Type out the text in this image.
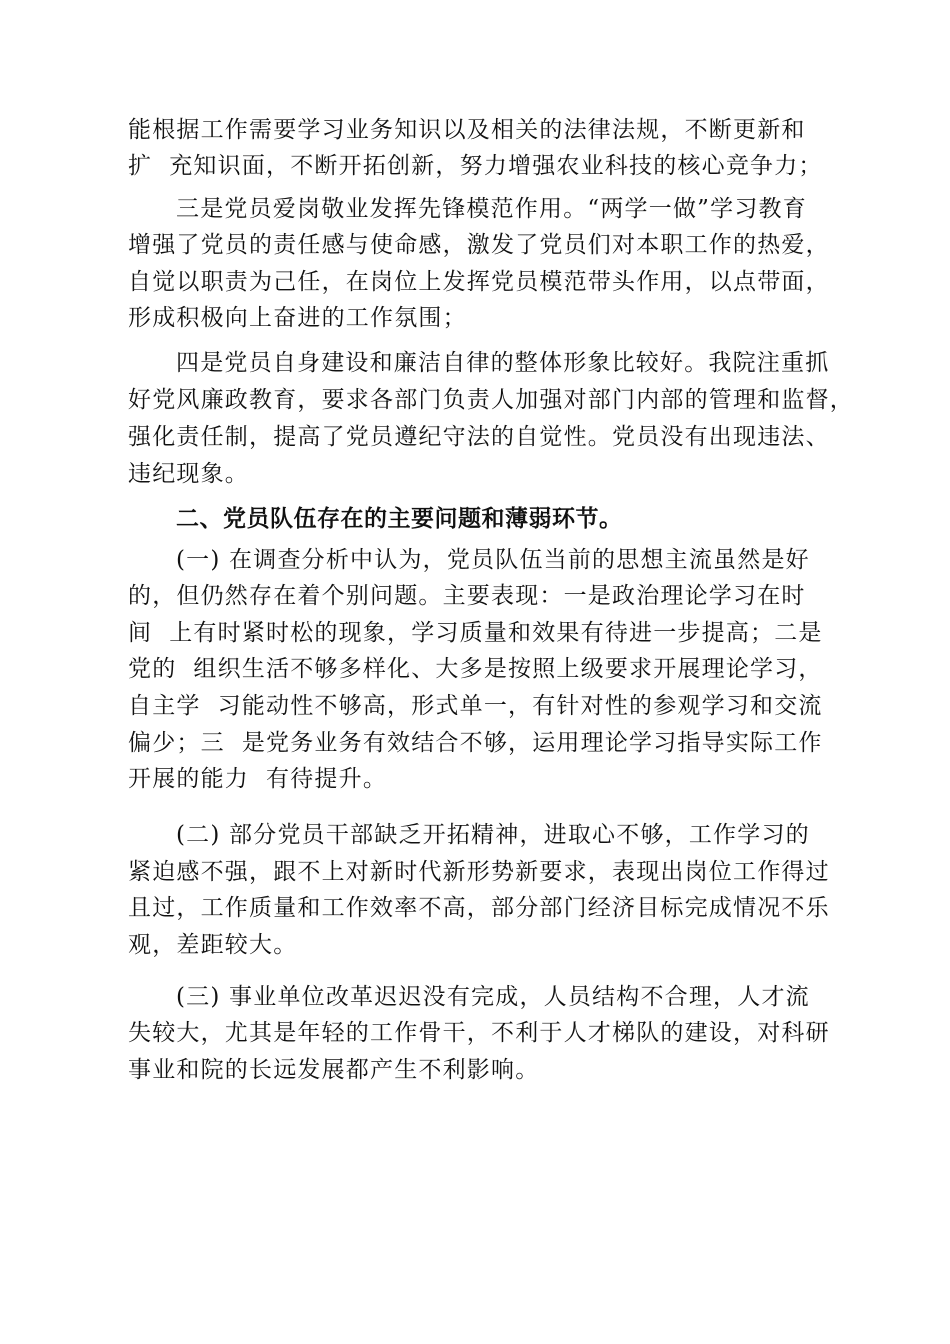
能根据工作需要学习业务知识以及相关的法律法规，不断更新和
扩  充知识面，不断开拓创新，努力增强农业科技的核心竞争力；
三是党员爱岗敬业发挥先锋模范作用。“两学一做”学习教育
增强了党员的责任感与使命感，激发了党员们对本职工作的热爱，
自觉以职责为己任，在岗位上发挥党员模范带头作用，以点带面，
形成积极向上奋进的工作氛围；
四是党员自身建设和廉洁自律的整体形象比较好。我院注重抓
好党风廉政教育，要求各部门负责人加强对部门内部的管理和监督，
强化责任制，提高了党员遵纪守法的自觉性。党员没有出现违法、
违纪现象。
二、党员队伍存在的主要问题和薄弱环节。
(一) 在调查分析中认为，党员队伍当前的思想主流虽然是好
的，但仍然存在着个别问题。主要表现：一是政治理论学习在时
间  上有时紧时松的现象，学习质量和效果有待进一步提高；二是
党的  组织生活不够多样化、大多是按照上级要求开展理论学习，
自主学  习能动性不够高，形式单一，有针对性的参观学习和交流
偏少；三  是党务业务有效结合不够，运用理论学习指导实际工作
开展的能力  有待提升。
(二) 部分党员干部缺乏开拓精神，进取心不够，工作学习的
紧迫感不强，跟不上对新时代新形势新要求，表现出岗位工作得过
且过，工作质量和工作效率不高，部分部门经济目标完成情况不乐
观，差距较大。
(三) 事业单位改革迟迟没有完成，人员结构不合理，人才流
失较大，尤其是年轻的工作骨干，不利于人才梯队的建设，对科研
事业和院的长远发展都产生不利影响。
